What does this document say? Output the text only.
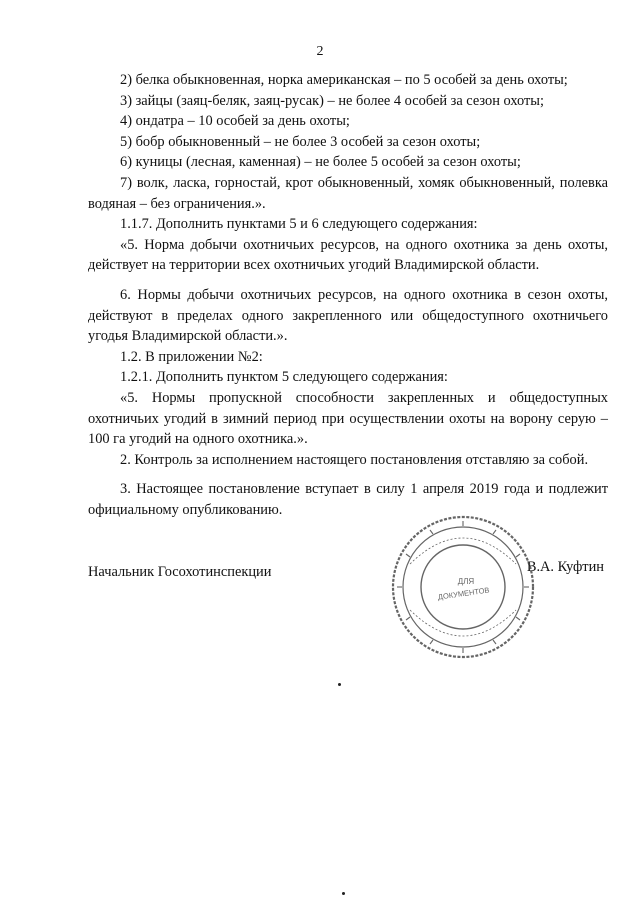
2

2) белка обыкновенная, норка американская – по 5 особей за день охоты;

3) зайцы (заяц-беляк, заяц-русак) – не более 4 особей за сезон охоты;

4) ондатра – 10 особей за день охоты;

5) бобр обыкновенный – не более 3 особей за сезон охоты;

6) куницы (лесная, каменная) – не более 5 особей за сезон охоты;

7) волк, ласка, горностай, крот обыкновенный, хомяк обыкновенный, полевка водяная – без ограничения.».

1.1.7. Дополнить пунктами 5 и 6 следующего содержания:

«5. Норма добычи охотничьих ресурсов, на одного охотника за день охоты, действует на территории всех охотничьих угодий Владимирской области.

6. Нормы добычи охотничьих ресурсов, на одного охотника в сезон охоты, действуют в пределах одного закрепленного или общедоступного охотничьего угодья Владимирской области.».

1.2. В приложении №2:

1.2.1. Дополнить пунктом 5 следующего содержания:

«5. Нормы пропускной способности закрепленных и общедоступных охотничьих угодий в зимний период при осуществлении охоты на ворону серую – 100 га угодий на одного охотника.».

2. Контроль за исполнением настоящего постановления отставляю за собой.

3. Настоящее постановление вступает в силу 1 апреля 2019 года и подлежит официальному опубликованию.

Начальник Госохотинспекции	В.А. Куфтин
ДЛЯ
ДОКУМЕНТОВ
